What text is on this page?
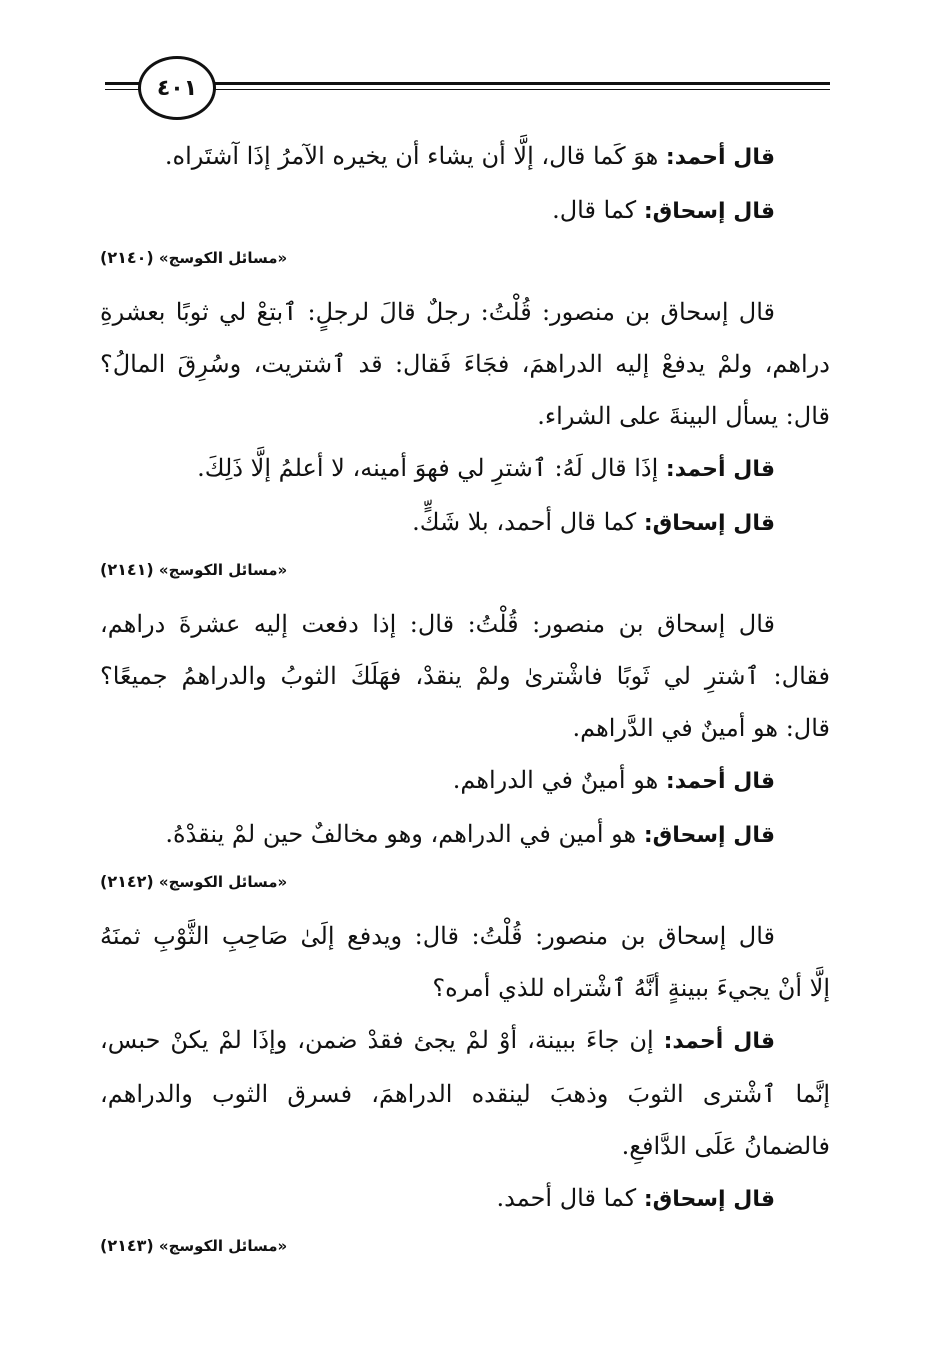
٤٠١

قال أحمد: هوَ كَما قال، إلَّا أن يشاء أن يخيره الآمرُ إذَا آشتَراه.

قال إسحاق: كما قال.

«مسائل الكوسج» (٢١٤٠)

قال إسحاق بن منصور: قُلْتُ: رجلٌ قالَ لرجلٍ: ٱبتعْ لي ثوبًا بعشرةِ

دراهم، ولمْ يدفعْ إليه الدراهمَ، فجَاءَ فَقال: قد ٱشتريت، وسُرِقَ المالُ؟

قال: يسأل البينةَ على الشراء.

قال أحمد: إذَا قال لَهُ: ٱشترِ لي فهوَ أمينه، لا أعلمُ إلَّا ذَلِكَ.

قال إسحاق: كما قال أحمد، بلا شَكٍّ.

«مسائل الكوسج» (٢١٤١)

قال إسحاق بن منصور: قُلْتُ: قال: إذا دفعت إليه عشرةَ دراهم،

فقال: ٱشترِ لي ثَوبًا فاشْترىٰ ولمْ ينقدْ، فهَلَكَ الثوبُ والدراهمُ جميعًا؟

قال: هو أمينٌ في الدَّراهم.

قال أحمد: هو أمينٌ في الدراهم.

قال إسحاق: هو أمين في الدراهم، وهو مخالفٌ حين لمْ ينقدْهُ.

«مسائل الكوسج» (٢١٤٢)

قال إسحاق بن منصور: قُلْتُ: قال: ويدفع إلَىٰ صَاحِبِ الثَّوْبِ ثمنَهُ

إلَّا أنْ يجيءَ ببينةٍ أنَّهُ ٱشْتراه للذي أمره؟

قال أحمد: إن جاءَ ببينة، أوْ لمْ يجئ فقدْ ضمن، وإذَا لمْ يكنْ حبس،

إنَّما ٱشْترى الثوبَ وذهبَ لينقده الدراهمَ، فسرق الثوب والدراهم،

فالضمانُ عَلَى الدَّافعِ.

قال إسحاق: كما قال أحمد.

«مسائل الكوسج» (٢١٤٣)
